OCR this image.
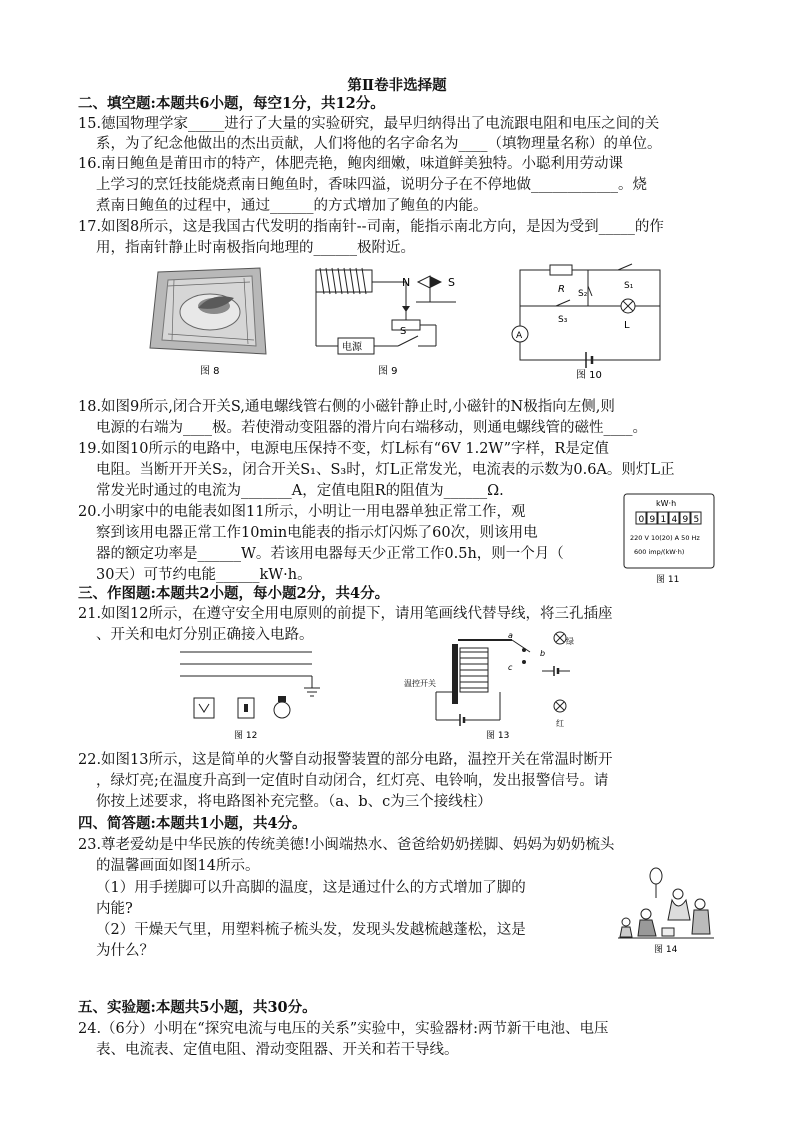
第Ⅱ卷非选择题
二、填空题:本题共6小题，每空1分，共12分。
15.德国物理学家_____进行了大量的实验研究，最早归纳得出了电流跟电阻和电压之间的关
系，为了纪念他做出的杰出贡献，人们将他的名字命名为____（填物理量名称）的单位。
16.南日鲍鱼是莆田市的特产，体肥壳艳，鲍肉细嫩，味道鲜美独特。小聪利用劳动课
上学习的烹饪技能烧煮南日鲍鱼时，香味四溢，说明分子在不停地做____________。烧
煮南日鲍鱼的过程中，通过______的方式增加了鲍鱼的内能。
17.如图8所示，这是我国古代发明的指南针--司南，能指示南北方向，是因为受到_____的作
用，指南针静止时南极指向地理的______极附近。
图 8
电源
S
N	S
图 9
R S₂
S₁
S₃	L
A
图 10
18.如图9所示,闭合开关S,通电螺线管右侧的小磁针静止时,小磁针的N极指向左侧,则
电源的右端为____极。若使滑动变阻器的滑片向右端移动，则通电螺线管的磁性____。
19.如图10所示的电路中，电源电压保持不变，灯L标有“6V 1.2W”字样，R是定值
电阻。当断开开关S₂，闭合开关S₁、S₃时，灯L正常发光，电流表的示数为0.6A。则灯L正
常发光时通过的电流为_______A，定值电阻R的阻值为______Ω.
20.小明家中的电能表如图11所示，小明让一用电器单独正常工作，观
察到该用电器正常工作10min电能表的指示灯闪烁了60次，则该用电
器的额定功率是______W。若该用电器每天少正常工作0.5h，则一个月（
30天）可节约电能______kW·h。
kW·h
0 9 1 4 9 5
220 V 10(20) A 50 Hz
600 imp/(kW·h)
图 11
三、作图题:本题共2小题，每小题2分，共4分。
21.如图12所示，在遵守安全用电原则的前提下，请用笔画线代替导线，将三孔插座
、开关和电灯分别正确接入电路。
图 12
a
b
c
温控开关
绿
红
图 13
22.如图13所示，这是简单的火警自动报警装置的部分电路，温控开关在常温时断开
，绿灯亮;在温度升高到一定值时自动闭合，红灯亮、电铃响，发出报警信号。请
你按上述要求，将电路图补充完整。（a、b、c为三个接线柱）
四、简答题:本题共1小题，共4分。
23.尊老爱幼是中华民族的传统美德!小闽端热水、爸爸给奶奶搓脚、妈妈为奶奶梳头
的温馨画面如图14所示。
（1）用手搓脚可以升高脚的温度，这是通过什么的方式增加了脚的
内能?
（2）干燥天气里，用塑料梳子梳头发，发现头发越梳越蓬松，这是
为什么？	图 14
五、实验题:本题共5小题，共30分。
24.（6分）小明在“探究电流与电压的关系”实验中，实验器材:两节新干电池、电压
表、电流表、定值电阻、滑动变阻器、开关和若干导线。
